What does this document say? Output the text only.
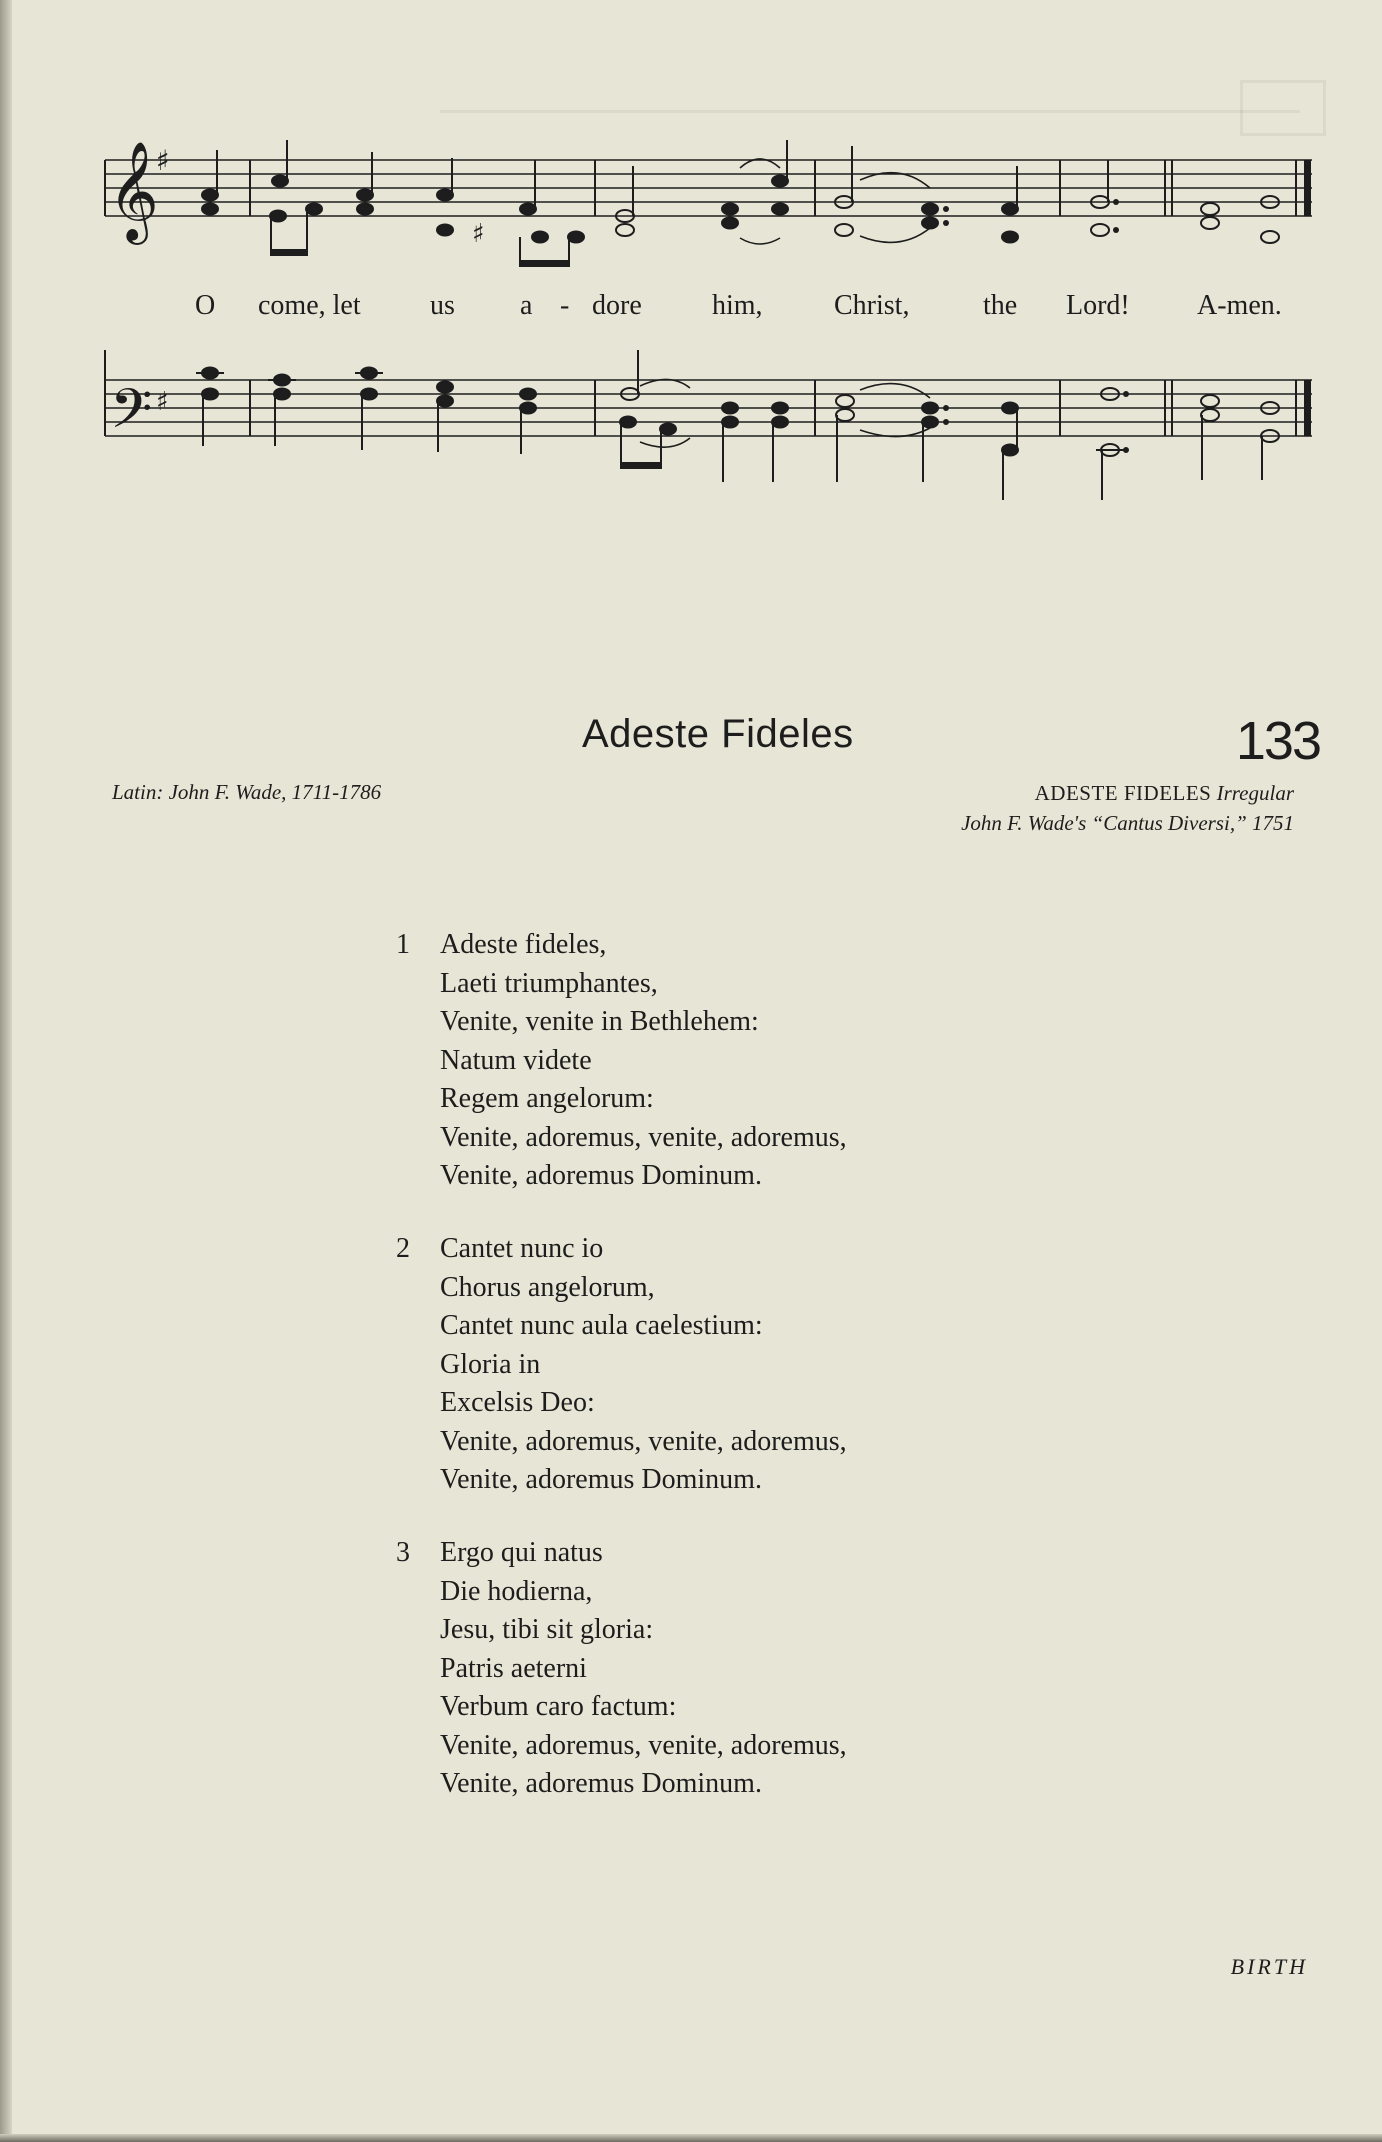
𝄞
♯
♯
O come, let us a - dore	him,	Christ,	the Lord! A-men.
𝄢 ♯
Adeste Fideles	133
Latin: John F. Wade, 1711-1786	ADESTE FIDELES Irregular
John F. Wade's “Cantus Diversi,” 1751
1 Adeste fideles,
Laeti triumphantes,
Venite, venite in Bethlehem:
Natum videte
Regem angelorum:
Venite, adoremus, venite, adoremus,
Venite, adoremus Dominum.
2 Cantet nunc io
Chorus angelorum,
Cantet nunc aula caelestium:
Gloria in
Excelsis Deo:
Venite, adoremus, venite, adoremus,
Venite, adoremus Dominum.
3 Ergo qui natus
Die hodierna,
Jesu, tibi sit gloria:
Patris aeterni
Verbum caro factum:
Venite, adoremus, venite, adoremus,
Venite, adoremus Dominum.
BIRTH
